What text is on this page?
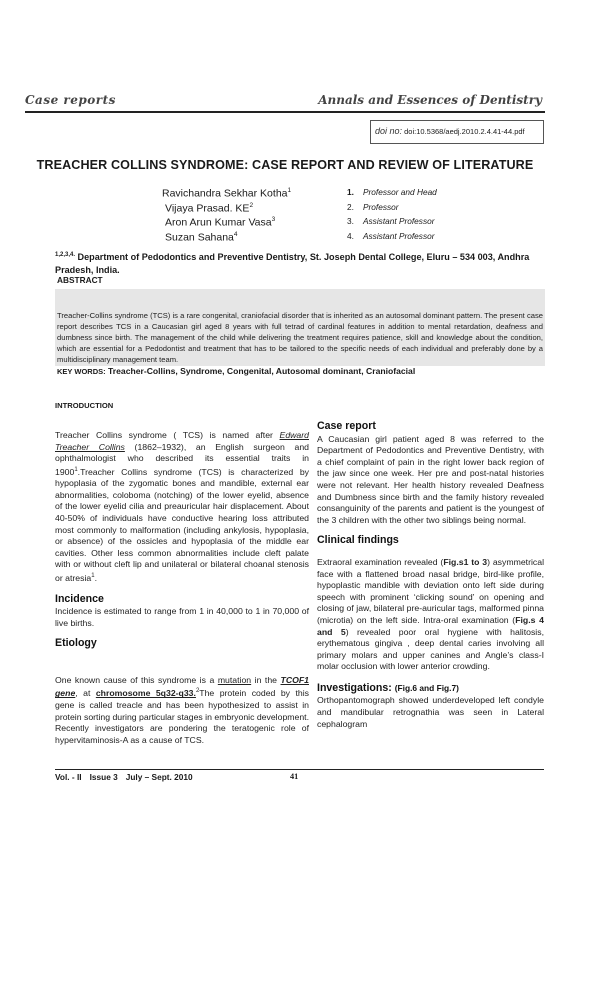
Case reports	Annals and Essences of Dentistry
doi no: doi:10.5368/aedj.2010.2.4.41-44.pdf
TREACHER COLLINS SYNDROME: CASE REPORT AND REVIEW OF LITERATURE
Ravichandra Sekhar Kotha$^1$
Vijaya Prasad. $KE^2$
Aron Arun Kumar Vasa$^3$
Suzan Sahana$^4$
1. Professor and Head
2. Professor
3. Assistant Professor
4. Assistant Professor
$^{1,2,3,4.}$ Department of Pedodontics and Preventive Dentistry, St. Joseph Dental College, Eluru – 534 003, Andhra Pradesh, India.
ABSTRACT
Treacher-Collins syndrome (TCS) is a rare congenital, craniofacial disorder that is inherited as an autosomal dominant pattern. The present case report describes TCS in a Caucasian girl aged 8 years with full tetrad of cardinal features in addition to mental retardation, deafness and dumbness since birth. The management of the child while delivering the treatment requires patience, skill and knowledge about the condition, which are essential for a Pedodontist and treatment that has to be tailored to the specific needs of each individual and preferably done by a multidisciplinary management team.
KEY WORDS: Treacher-Collins, Syndrome, Congenital, Autosomal dominant, Craniofacial
INTRODUCTION

Treacher Collins syndrome ( TCS) is named after Edward Treacher Collins (1862–1932), an English surgeon and ophthalmologist who described its essential traits in 1900$^1$.Treacher Collins syndrome (TCS) is characterized by hypoplasia of the zygomatic bones and mandible, external ear abnormalities, coloboma (notching) of the lower eyelid, absence of the lower eyelid cilia and preauricular hair displacement. About 40-50% of individuals have conductive hearing loss attributed most commonly to malformation (including ankylosis, hypoplasia, or absence) of the ossicles and hypoplasia of the middle ear cavities. Other less common abnormalities include cleft palate with or without cleft lip and unilateral or bilateral choanal stenosis or atresia$^1$.

Incidence

Incidence is estimated to range from 1 in 40,000 to 1 in 70,000 of live births.

Etiology

One known cause of this syndrome is a mutation in the TCOF1 gene, at chromosome 5q32-q33.$^2$The protein coded by this gene is called treacle and has been hypothesized to assist in protein sorting during particular stages in embryonic development. Recently investigators are pondering the teratogenic role of hypervitaminosis-A as a cause of TCS.

Case report

A Caucasian girl patient aged 8 was referred to the Department of Pedodontics and Preventive Dentistry, with a chief complaint of pain in the right lower back region of the jaw since one week. Her pre and post-natal histories were not relevant. Her health history revealed Deafness and Dumbness since birth and the family history revealed consanguinity of the parents and patient is the youngest of the 3 children with the other two siblings being normal.

Clinical findings

Extraoral examination revealed (Fig.s1 to 3) asymmetrical face with a flattened broad nasal bridge, bird-like profile, hypoplastic mandible with deviation onto left side during speech with prominent ‘clicking sound’ on opening and closing of jaw, bilateral pre-auricular tags, malformed pinna (microtia) on the left side. Intra-oral examination (Fig.s 4 and 5) revealed poor oral hygiene with halitosis, erythematous gingiva , deep dental caries involving all primary molars and upper canines and Angle’s class-I molar occlusion with lower anterior crowding.

Investigations: (Fig.6 and Fig.7)

Orthopantomograph showed underdeveloped left condyle and mandibular retrognathia was seen in Lateral cephalogram

Vol. - II Issue 3 July – Sept. 2010	41
